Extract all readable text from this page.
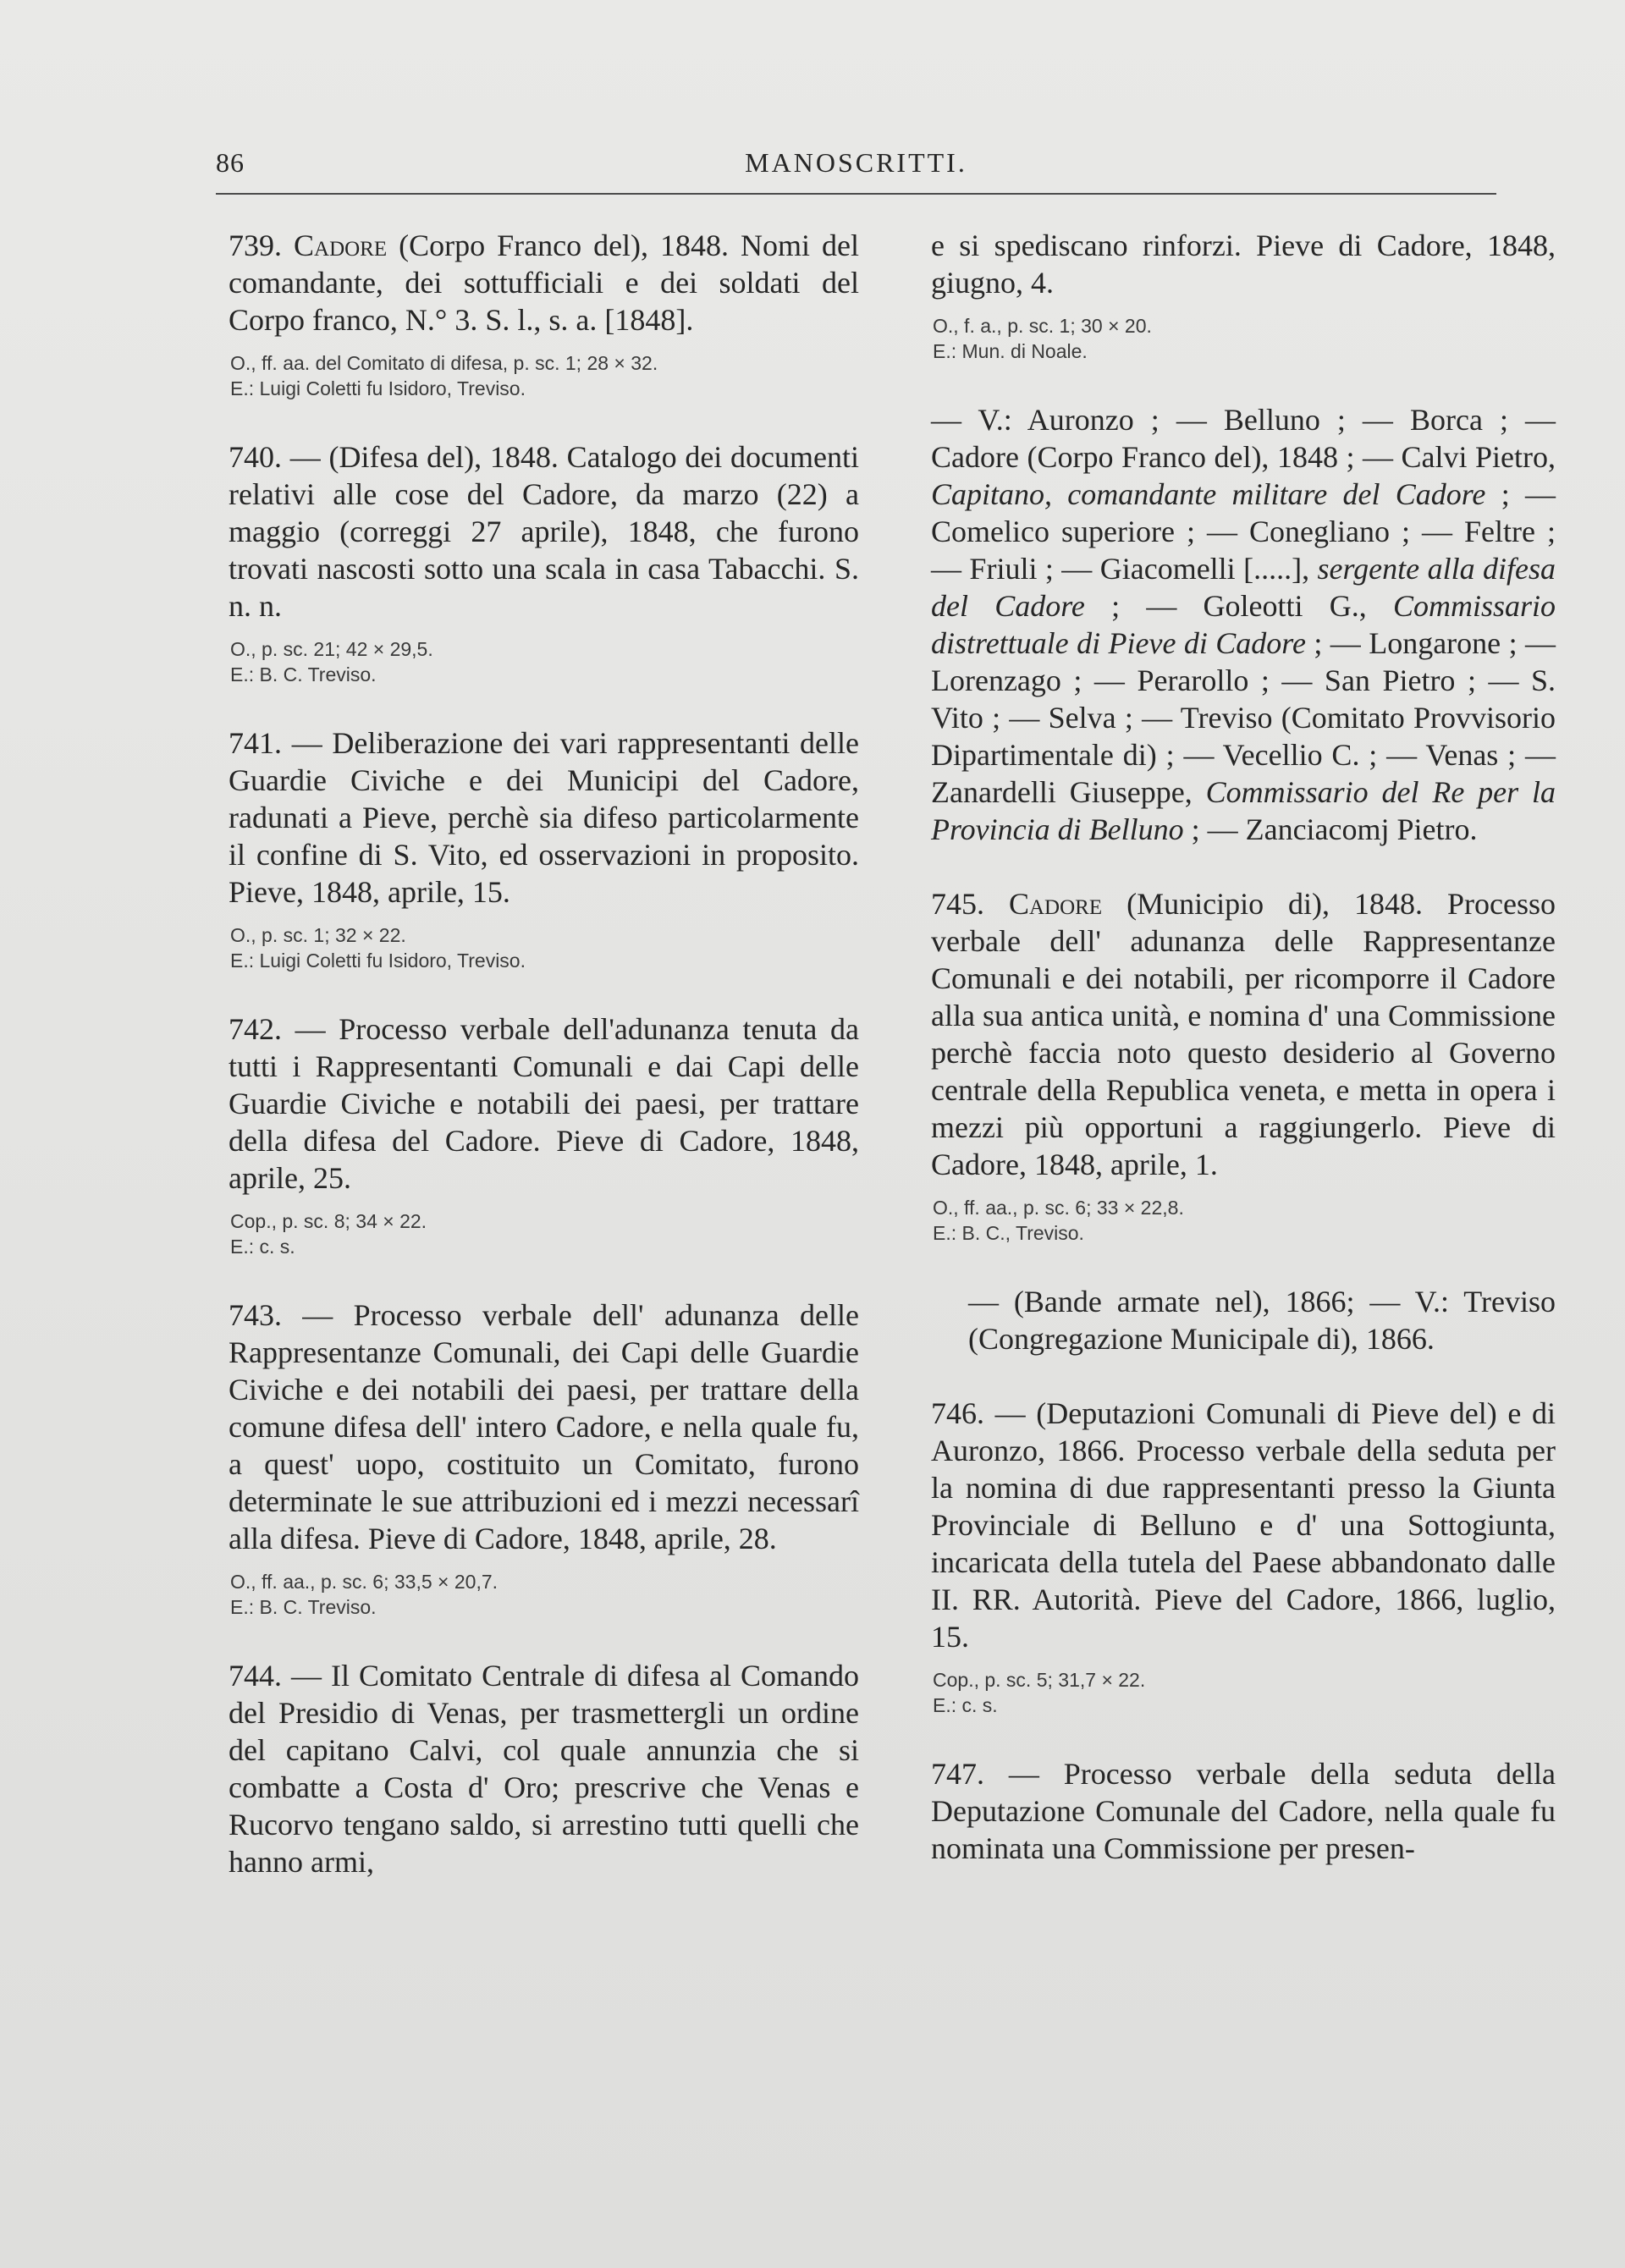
86	MANOSCRITTI.

739. Cadore (Corpo Franco del), 1848. Nomi del comandante, dei sottufficiali e dei soldati del Corpo franco, N.° 3. S. l., s. a. [1848].

O., ff. aa. del Comitato di difesa, p. sc. 1; 28 × 32.
E.: Luigi Coletti fu Isidoro, Treviso.

740. — (Difesa del), 1848. Catalogo dei documenti relativi alle cose del Cadore, da marzo (22) a maggio (correggi 27 aprile), 1848, che furono trovati nascosti sotto una scala in casa Tabacchi. S. n. n.

O., p. sc. 21; 42 × 29,5.
E.: B. C. Treviso.

741. — Deliberazione dei vari rappresentanti delle Guardie Civiche e dei Municipi del Cadore, radunati a Pieve, perchè sia difeso particolarmente il confine di S. Vito, ed osservazioni in proposito. Pieve, 1848, aprile, 15.

O., p. sc. 1; 32 × 22.
E.: Luigi Coletti fu Isidoro, Treviso.

742. — Processo verbale dell'adunanza tenuta da tutti i Rappresentanti Comunali e dai Capi delle Guardie Civiche e notabili dei paesi, per trattare della difesa del Cadore. Pieve di Cadore, 1848, aprile, 25.

Cop., p. sc. 8; 34 × 22.
E.: c. s.

743. — Processo verbale dell' adunanza delle Rappresentanze Comunali, dei Capi delle Guardie Civiche e dei notabili dei paesi, per trattare della comune difesa dell' intero Cadore, e nella quale fu, a quest' uopo, costituito un Comitato, furono determinate le sue attribuzioni ed i mezzi necessarî alla difesa. Pieve di Cadore, 1848, aprile, 28.

O., ff. aa., p. sc. 6; 33,5 × 20,7.
E.: B. C. Treviso.

744. — Il Comitato Centrale di difesa al Comando del Presidio di Venas, per trasmettergli un ordine del capitano Calvi, col quale annunzia che si combatte a Costa d' Oro; prescrive che Venas e Rucorvo tengano saldo, si arrestino tutti quelli che hanno armi,

e si spediscano rinforzi. Pieve di Cadore, 1848, giugno, 4.

O., f. a., p. sc. 1; 30 × 20.
E.: Mun. di Noale.

— V.: Auronzo ; — Belluno ; — Borca ; — Cadore (Corpo Franco del), 1848 ; — Calvi Pietro, Capitano, comandante militare del Cadore ; — Comelico superiore ; — Conegliano ; — Feltre ; — Friuli ; — Giacomelli [.....], sergente alla difesa del Cadore ; — Goleotti G., Commissario distrettuale di Pieve di Cadore ; — Longarone ; — Lorenzago ; — Perarollo ; — San Pietro ; — S. Vito ; — Selva ; — Treviso (Comitato Provvisorio Dipartimentale di) ; — Vecellio C. ; — Venas ; — Zanardelli Giuseppe, Commissario del Re per la Provincia di Belluno ; — Zanciacomj Pietro.

745. Cadore (Municipio di), 1848. Processo verbale dell' adunanza delle Rappresentanze Comunali e dei notabili, per ricomporre il Cadore alla sua antica unità, e nomina d' una Commissione perchè faccia noto questo desiderio al Governo centrale della Republica veneta, e metta in opera i mezzi più opportuni a raggiungerlo. Pieve di Cadore, 1848, aprile, 1.

O., ff. aa., p. sc. 6; 33 × 22,8.
E.: B. C., Treviso.

— (Bande armate nel), 1866; — V.: Treviso (Congregazione Municipale di), 1866.

746. — (Deputazioni Comunali di Pieve del) e di Auronzo, 1866. Processo verbale della seduta per la nomina di due rappresentanti presso la Giunta Provinciale di Belluno e d' una Sottogiunta, incaricata della tutela del Paese abbandonato dalle II. RR. Autorità. Pieve del Cadore, 1866, luglio, 15.

Cop., p. sc. 5; 31,7 × 22.
E.: c. s.

747. — Processo verbale della seduta della Deputazione Comunale del Cadore, nella quale fu nominata una Commissione per presen-
